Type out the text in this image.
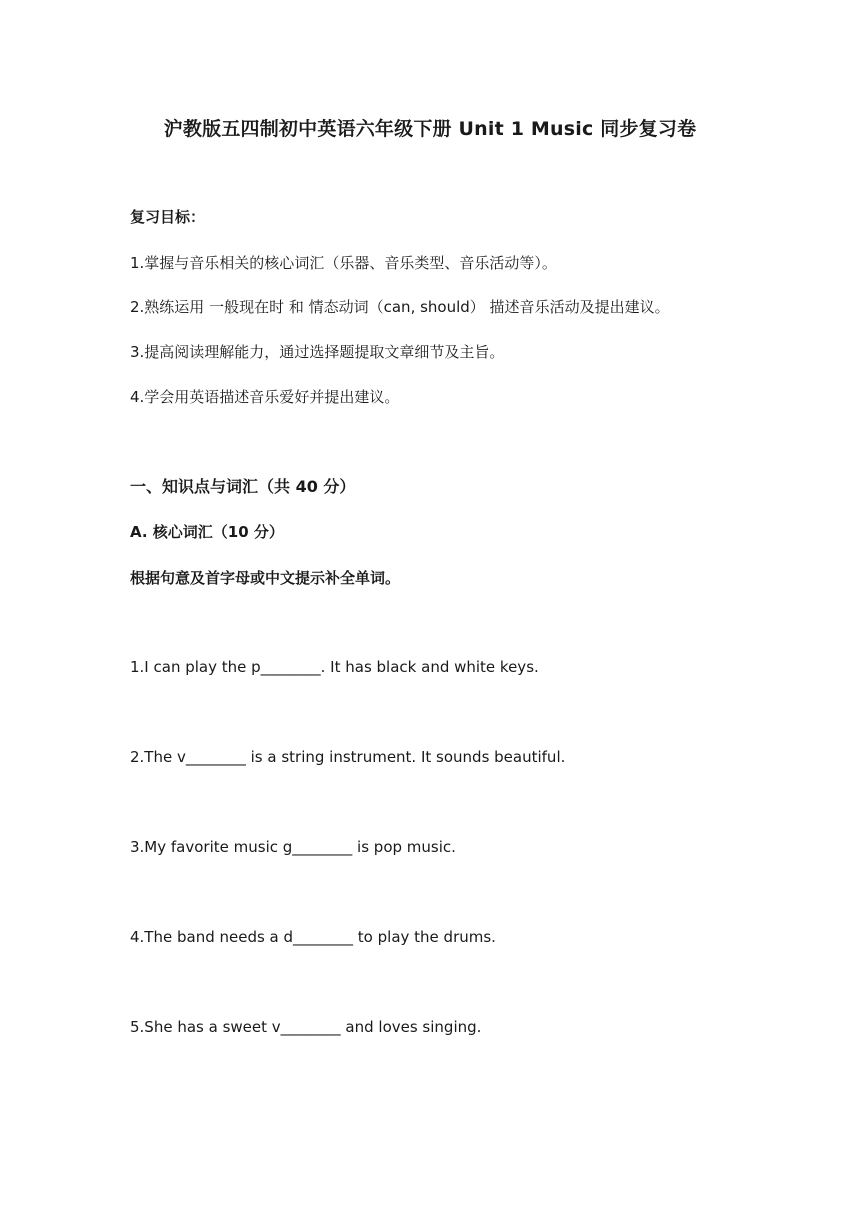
沪教版五四制初中英语六年级下册 Unit 1 Music 同步复习卷
复习目标：
1.掌握与音乐相关的核心词汇（乐器、音乐类型、音乐活动等）。
2.熟练运用 一般现在时 和 情态动词（can, should） 描述音乐活动及提出建议。
3.提高阅读理解能力，通过选择题提取文章细节及主旨。
4.学会用英语描述音乐爱好并提出建议。
一、知识点与词汇（共 40 分）
A. 核心词汇（10 分）
根据句意及首字母或中文提示补全单词。
1.I can play the p________. It has black and white keys.
2.The v________ is a string instrument. It sounds beautiful.
3.My favorite music g________ is pop music.
4.The band needs a d________ to play the drums.
5.She has a sweet v________ and loves singing.
